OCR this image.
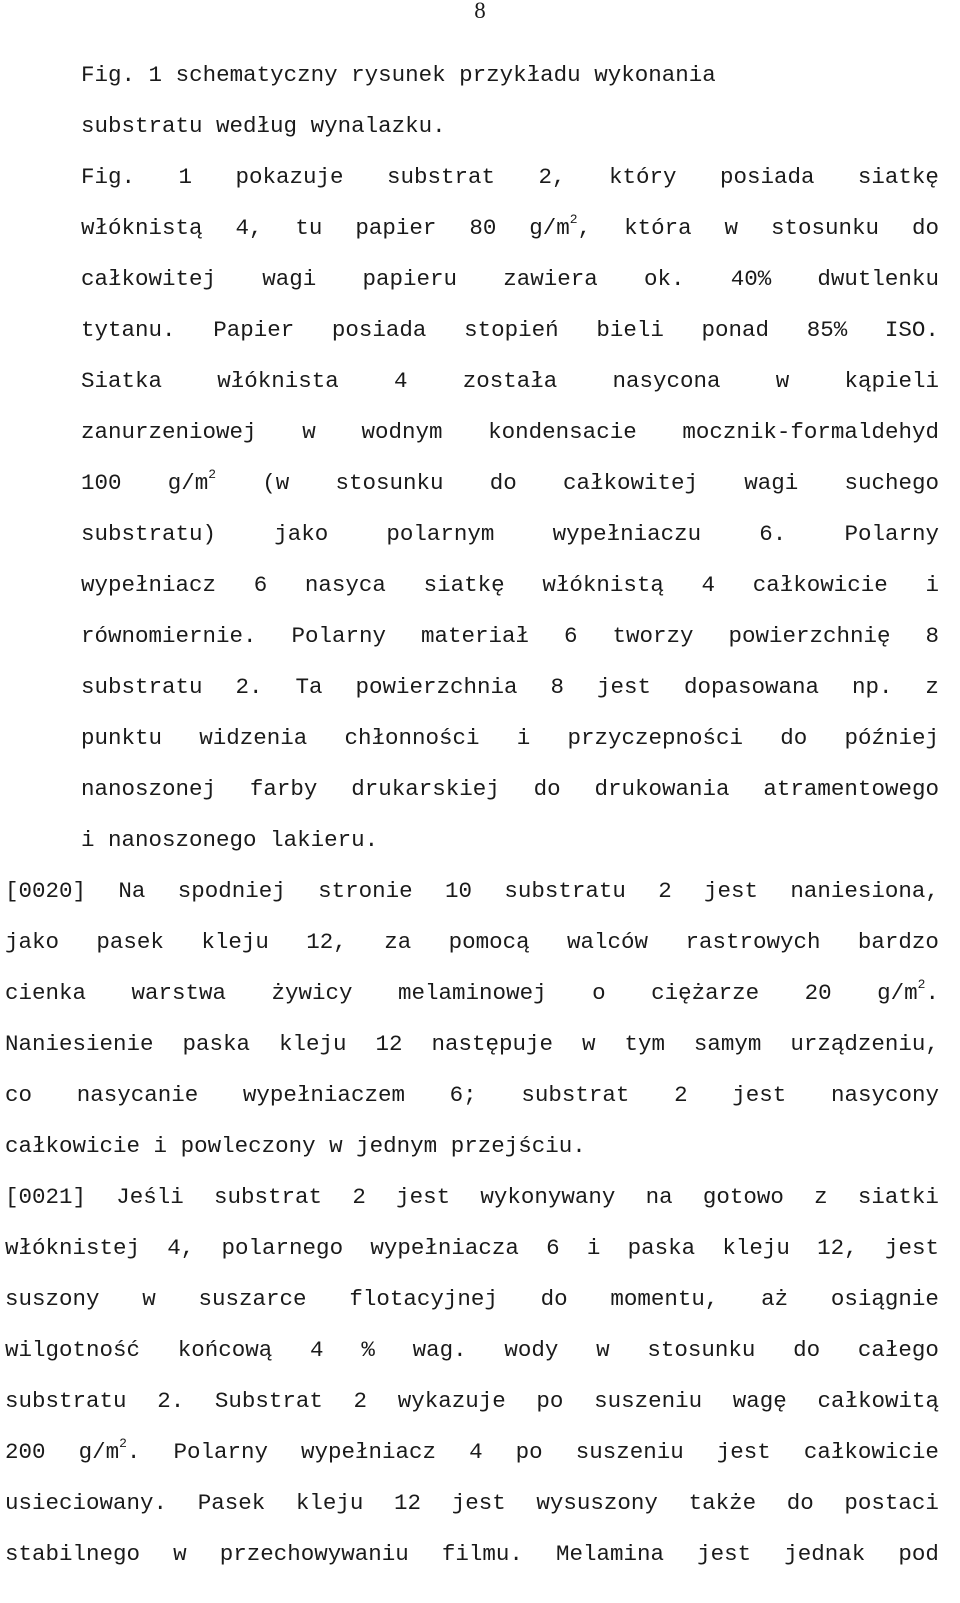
8
Fig. 1 schematyczny rysunek przykładu wykonania
substratu według wynalazku.
Fig. 1 pokazuje substrat 2, który posiada siatkę
włóknistą 4, tu papier 80 $g/m^2$, która w stosunku do
całkowitej wagi papieru zawiera ok. 40% dwutlenku
tytanu. Papier posiada stopień bieli ponad 85% ISO.
Siatka włóknista 4 została nasycona w kąpieli
zanurzeniowej w wodnym kondensacie mocznik-formaldehyd
100 $g/m^2$ (w stosunku do całkowitej wagi suchego
substratu)	jako	polarnym	wypełniaczu	6.	Polarny
wypełniacz 6 nasyca siatkę włóknistą 4 całkowicie i
równomiernie. Polarny materiał 6 tworzy powierzchnię 8
substratu 2. Ta powierzchnia 8 jest dopasowana np. z
punktu widzenia chłonności i przyczepności do później
nanoszonej farby drukarskiej do drukowania atramentowego
i nanoszonego lakieru.
[0020] Na spodniej stronie 10 substratu 2 jest naniesiona,
jako pasek kleju 12, za pomocą walców rastrowych bardzo
cienka warstwa żywicy melaminowej o ciężarze 20 $g/m^2$.
Naniesienie paska kleju 12 następuje w tym samym urządzeniu,
co nasycanie wypełniaczem 6; substrat 2 jest nasycony
całkowicie i powleczony w jednym przejściu.
[0021] Jeśli substrat 2 jest wykonywany na gotowo z siatki
włóknistej 4, polarnego wypełniacza 6 i paska kleju 12, jest
suszony w suszarce flotacyjnej do momentu, aż osiągnie
wilgotność końcową 4 % wag. wody w stosunku do całego
substratu 2. Substrat 2 wykazuje po suszeniu wagę całkowitą
200 $g/m^2$. Polarny wypełniacz 4 po suszeniu jest całkowicie
usieciowany. Pasek kleju 12 jest wysuszony także do postaci
stabilnego w przechowywaniu filmu. Melamina jest jednak pod
